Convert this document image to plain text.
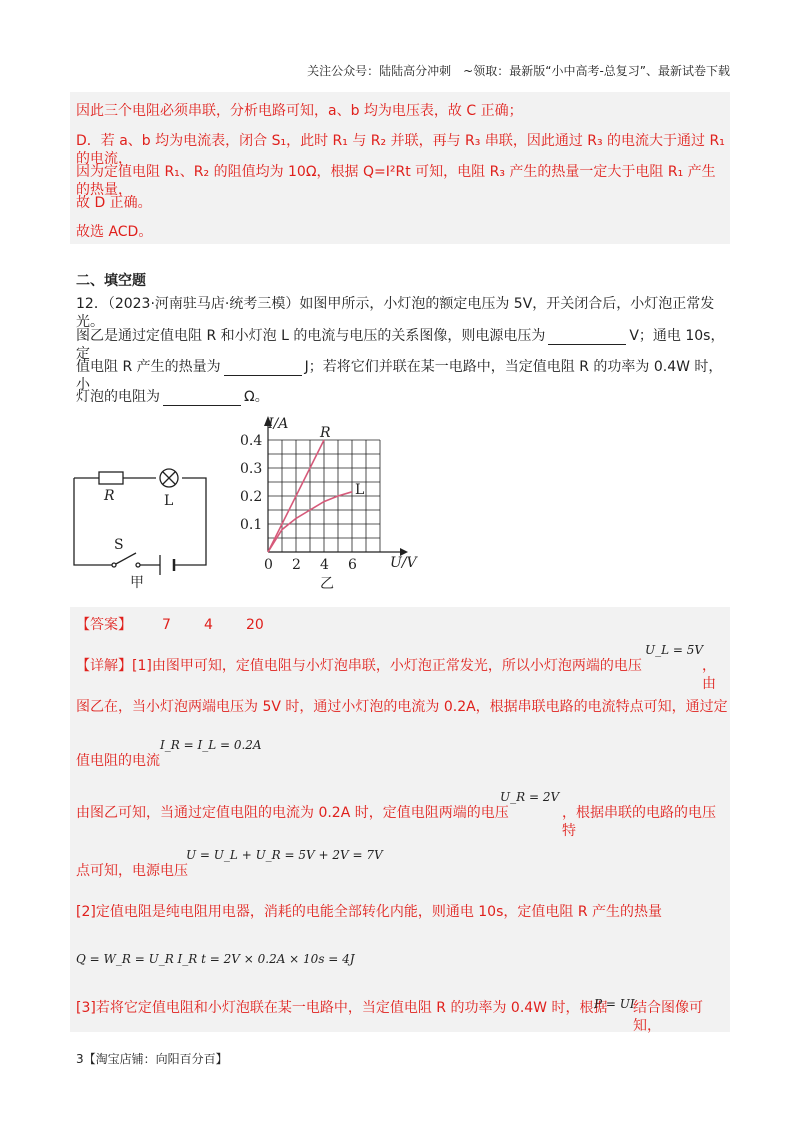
关注公众号：陆陆高分冲刺　~领取：最新版“小中高考-总复习”、最新试卷下载
因此三个电阻必须串联，分析电路可知，a、b 均为电压表，故 C 正确；
D．若 a、b 均为电流表，闭合 S₁，此时 R₁ 与 R₂ 并联，再与 R₃ 串联，因此通过 R₃ 的电流大于通过 R₁ 的电流，
因为定值电阻 R₁、R₂ 的阻值均为 10Ω，根据 Q=I²Rt 可知，电阻 R₃ 产生的热量一定大于电阻 R₁ 产生的热量，
故 D 正确。
故选 ACD。
二、填空题
12．（2023·河南驻马店·统考三模）如图甲所示，小灯泡的额定电压为 5V，开关闭合后，小灯泡正常发光。
图乙是通过定值电阻 R 和小灯泡 L 的电流与电压的关系图像，则电源电压为	V；通电 10s，定
值电阻 R 产生的热量为	J；若将它们并联在某一电路中，当定值电阻 R 的功率为 0.4W 时，小
灯泡的电阻为	Ω。
R	L
S
甲
0 2 4 6
0.1
0.2
0.3
0.4	R
L
I/A
U/V
乙
【答案】 7 4 20
【详解】[1]由图甲可知，定值电阻与小灯泡串联，小灯泡正常发光，所以小灯泡两端的电压
U_L = 5V
，由
图乙在，当小灯泡两端电压为 5V 时，通过小灯泡的电流为 0.2A，根据串联电路的电流特点可知，通过定
值电阻的电流
I_R = I_L = 0.2A
由图乙可知，当通过定值电阻的电流为 0.2A 时，定值电阻两端的电压
U_R = 2V
，根据串联的电路的电压特
点可知，电源电压
U = U_L + U_R = 5V + 2V = 7V
[2]定值电阻是纯电阻用电器，消耗的电能全部转化内能，则通电 10s，定值电阻 R 产生的热量
Q = W_R = U_R I_R t = 2V × 0.2A × 10s = 4J
[3]若将它定值电阻和小灯泡联在某一电路中，当定值电阻 R 的功率为 0.4W 时，根据
P = UI
结合图像可知，
3【淘宝店铺：向阳百分百】
